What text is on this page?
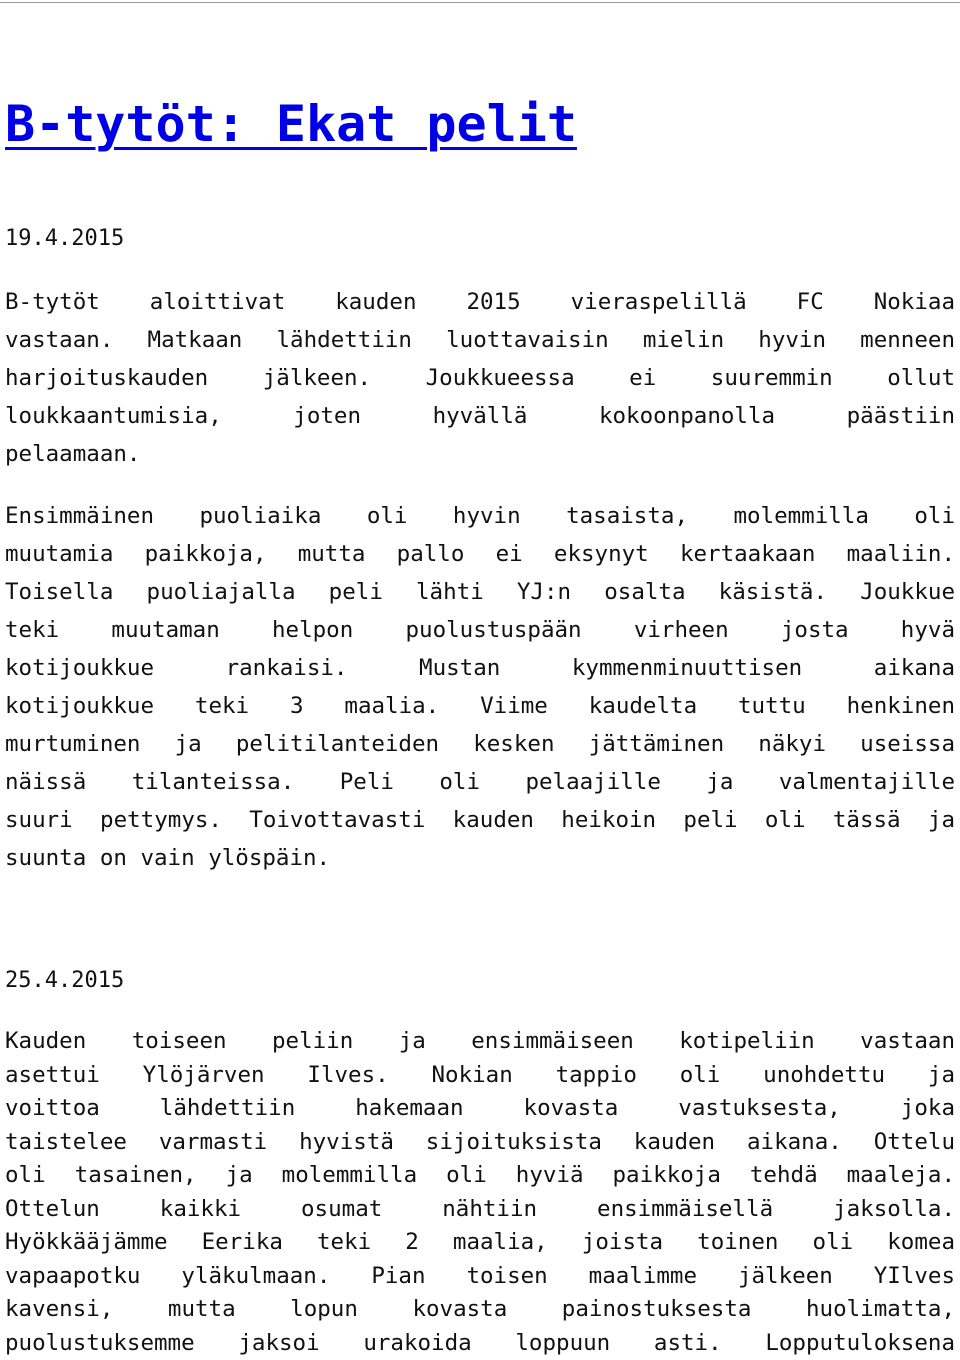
B-tytöt: Ekat pelit
19.4.2015
B-tytöt aloittivat kauden 2015 vieraspelillä FC Nokiaa
vastaan. Matkaan lähdettiin luottavaisin mielin hyvin menneen
harjoituskauden jälkeen. Joukkueessa ei suuremmin ollut
loukkaantumisia, joten hyvällä kokoonpanolla päästiin
pelaamaan.
Ensimmäinen puoliaika oli hyvin tasaista, molemmilla oli
muutamia paikkoja, mutta pallo ei eksynyt kertaakaan maaliin.
Toisella puoliajalla peli lähti YJ:n osalta käsistä. Joukkue
teki muutaman helpon puolustuspään virheen josta hyvä
kotijoukkue rankaisi. Mustan kymmenminuuttisen aikana
kotijoukkue teki 3 maalia. Viime kaudelta tuttu henkinen
murtuminen ja pelitilanteiden kesken jättäminen näkyi useissa
näissä tilanteissa. Peli oli pelaajille ja valmentajille
suuri pettymys. Toivottavasti kauden heikoin peli oli tässä ja
suunta on vain ylöspäin.
25.4.2015
Kauden toiseen peliin ja ensimmäiseen kotipeliin vastaan
asettui Ylöjärven Ilves. Nokian tappio oli unohdettu ja
voittoa lähdettiin hakemaan kovasta vastuksesta, joka
taistelee varmasti hyvistä sijoituksista kauden aikana. Ottelu
oli tasainen, ja molemmilla oli hyviä paikkoja tehdä maaleja.
Ottelun kaikki osumat nähtiin ensimmäisellä jaksolla.
Hyökkääjämme Eerika teki 2 maalia, joista toinen oli komea
vapaapotku yläkulmaan. Pian toisen maalimme jälkeen YIlves
kavensi, mutta lopun kovasta painostuksesta huolimatta,
puolustuksemme jaksoi urakoida loppuun asti. Lopputuloksena
